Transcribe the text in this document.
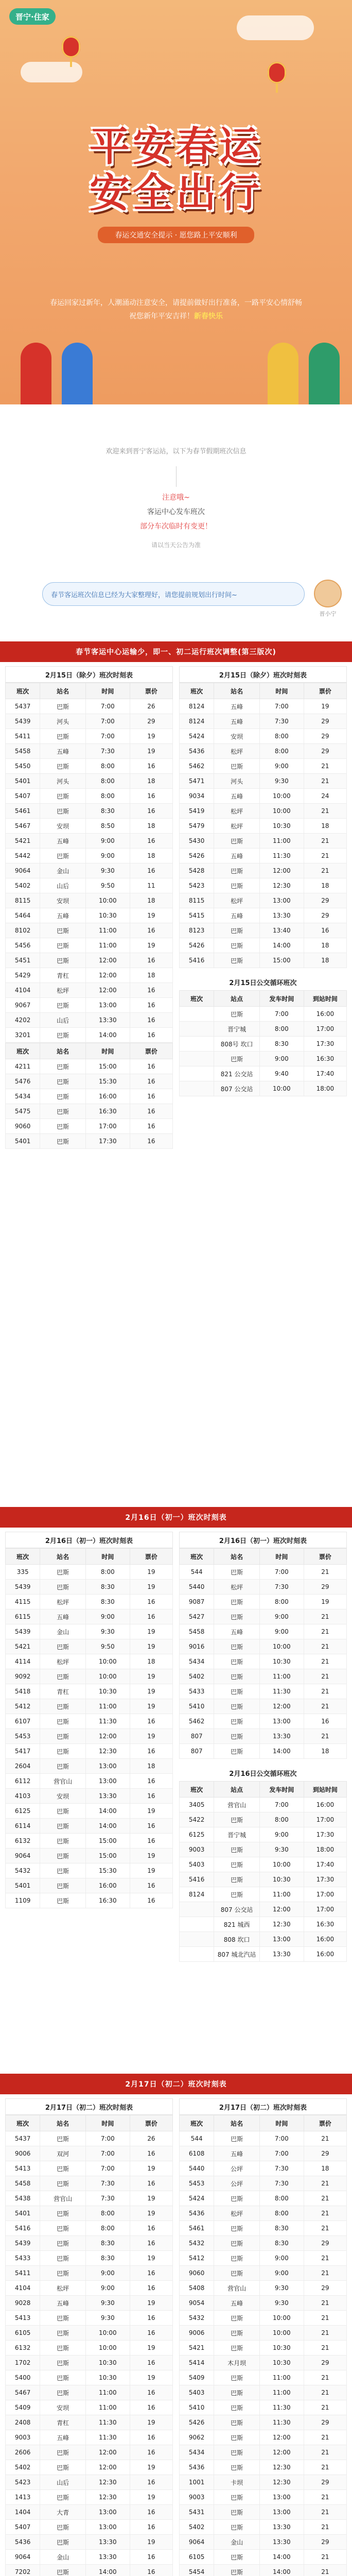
晋宁·住家
平安春运
安全出行
春运交通安全提示 · 愿您路上平安顺利
春运回家过新年，人潮涌动注意安全，请提前做好出行准备，一路平安心情舒畅
祝您新年平安吉祥！新春快乐
欢迎来到晋宁客运站，以下为春节假期班次信息
注意哦~
客运中心发车班次
部分车次临时有变更！
请以当天公告为准
春节客运班次信息已经为大家整理好，请您提前规划出行时间~
晋小宁
春节客运中心运输少，即一、初二运行班次调整(第三版次)
2月15日（除夕）班次时刻表
班次	站名	时间	票价
5437	巴斯	7:00	26
5439	河头	7:00	29
5411	巴斯	7:00	19
5458	五峰	7:30	19
5450	巴斯	8:00	16
5401	河头	8:00	18
5407	巴斯	8:00	16
5461	巴斯	8:30	16
5467	安坝	8:50	18
5421	五峰	9:00	16
5442	巴斯	9:00	18
9064	金山	9:30	16
5402	山后	9:50	11
8115	安坝	10:00	18
5464	五峰	10:30	19
8102	巴斯	11:00	16
5456	巴斯	11:00	19
5451	巴斯	12:00	16
5429	青杠	12:00	18
4104	松坪	12:00	16
9067	巴斯	13:00	16
4202	山后	13:30	16
3201	巴斯	14:00	16
班次	站名	时间	票价
4211	巴斯	15:00	16
5476	巴斯	15:30	16
5434	巴斯	16:00	16
5475	巴斯	16:30	16
9060	巴斯	17:00	16
5401	巴斯	17:30	16
2月15日（除夕）班次时刻表
班次	站名	时间	票价
8124	五峰	7:00	19
8124	五峰	7:30	29
5424	安坝	8:00	29
5436	松坪	8:00	29
5462	巴斯	9:00	21
5471	河头	9:30	21
9034	五峰	10:00	24
5419	松坪	10:00	21
5479	松坪	10:30	18
5430	巴斯	11:00	21
5426	五峰	11:30	21
5428	巴斯	12:00	21
5423	巴斯	12:30	18
8115	松坪	13:00	29
5415	五峰	13:30	29
8123	巴斯	13:40	16
5426	巴斯	14:00	18
5416	巴斯	15:00	18
2月15日公交循环班次
班次	站点	发车时间	到站时间
	巴斯	7:00	16:00
	晋宁城	8:00	17:00
	808号 坎口	8:30	17:30
	巴斯	9:00	16:30
	821 公交站	9:40	17:40
	807 公交站	10:00	18:00
2月16日（初一）班次时刻表
2月16日（初一）班次时刻表
班次	站名	时间	票价
335	巴斯	8:00	19
5439	巴斯	8:30	19
4115	松坪	8:30	16
6115	五峰	9:00	16
5439	金山	9:30	19
5421	巴斯	9:50	19
4114	松坪	10:00	18
9092	巴斯	10:00	19
5418	青杠	10:30	19
5412	巴斯	11:00	19
6107	巴斯	11:30	16
5453	巴斯	12:00	19
5417	巴斯	12:30	16
2604	巴斯	13:00	18
6112	营官山	13:00	16
4103	安坝	13:30	16
6125	巴斯	14:00	19
6114	巴斯	14:00	16
6132	巴斯	15:00	16
9064	巴斯	15:00	19
5432	巴斯	15:30	19
5401	巴斯	16:00	16
1109	巴斯	16:30	16
2月16日（初一）班次时刻表
班次	站名	时间	票价
544	巴斯	7:00	21
5440	松坪	7:30	29
9087	巴斯	8:00	19
5427	巴斯	9:00	21
5458	五峰	9:00	21
9016	巴斯	10:00	21
5434	巴斯	10:30	21
5402	巴斯	11:00	21
5433	巴斯	11:30	21
5410	巴斯	12:00	21
5462	巴斯	13:00	16
807	巴斯	13:30	21
807	巴斯	14:00	18
2月16日公交循环班次
班次	站点	发车时间	到站时间
3405	营官山	7:00	16:00
5422	巴斯	8:00	17:00
6125	晋宁城	9:00	17:30
9003	巴斯	9:30	18:00
5403	巴斯	10:00	17:40
5416	巴斯	10:30	17:30
8124	巴斯	11:00	17:00
	807 公交站	12:00	17:00
	821 城西	12:30	16:30
	808 坎口	13:00	16:00
	807 城北汽站	13:30	16:00
2月17日（初二）班次时刻表
2月17日（初二）班次时刻表
班次	站名	时间	票价
5437	巴斯	7:00	26
9006	双河	7:00	16
5413	巴斯	7:00	19
5458	巴斯	7:30	16
5438	营官山	7:30	19
5401	巴斯	8:00	19
5416	巴斯	8:00	16
5439	巴斯	8:30	16
5433	巴斯	8:30	19
5411	巴斯	9:00	16
4104	松坪	9:00	16
9028	五峰	9:30	19
5413	巴斯	9:30	16
6105	巴斯	10:00	16
6132	巴斯	10:00	19
1702	巴斯	10:30	16
5400	巴斯	10:30	19
5467	巴斯	11:00	16
5409	安坝	11:00	16
2408	青杠	11:30	19
9003	五峰	11:30	16
2606	巴斯	12:00	16
5402	巴斯	12:00	19
5423	山后	12:30	16
1413	巴斯	12:30	19
1404	大青	13:00	16
5407	巴斯	13:00	16
5436	巴斯	13:30	19
9064	金山	13:30	16
7202	巴斯	14:00	16

2月17日（初二）班次时刻表
班次	站名	时间	票价
544	巴斯	7:00	21
6108	五峰	7:00	29
5440	公坪	7:30	18
5453	公坪	7:30	21
5424	巴斯	8:00	21
5436	松坪	8:00	21
5461	巴斯	8:30	21
5432	巴斯	8:30	29
5412	巴斯	9:00	21
9060	巴斯	9:00	21
5408	营官山	9:30	29
9054	五峰	9:30	21
5432	巴斯	10:00	21
9006	巴斯	10:00	21
5421	巴斯	10:30	21
5414	木月坝	10:30	29
5409	巴斯	11:00	21
5403	巴斯	11:00	21
5410	巴斯	11:30	21
5426	巴斯	11:30	29
9062	巴斯	12:00	21
5434	巴斯	12:00	21
5436	巴斯	12:30	21
1001	卡坝	12:30	29
9003	巴斯	13:00	21
5431	巴斯	13:00	21
5402	巴斯	13:30	21
9064	金山	13:30	29
6105	巴斯	14:00	21
5454	巴斯	14:00	21
